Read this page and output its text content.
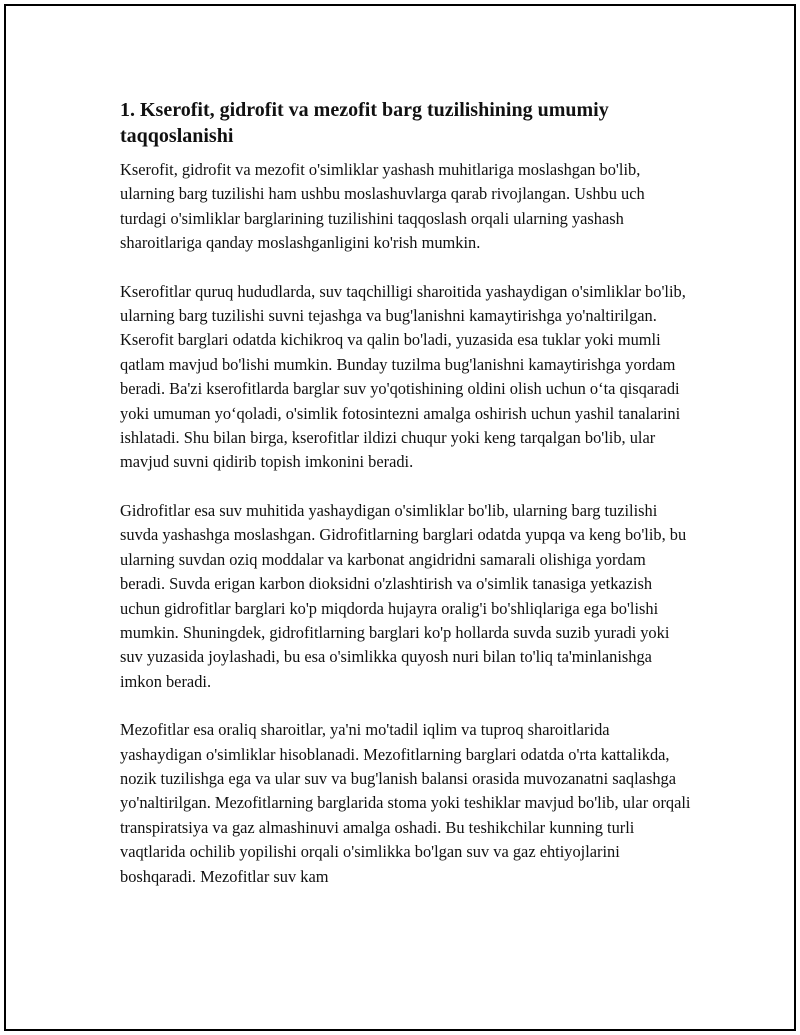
1. Kserofit, gidrofit va mezofit barg tuzilishining umumiy taqqoslanishi

Kserofit, gidrofit va mezofit o'simliklar yashash muhitlariga moslashgan bo'lib, ularning barg tuzilishi ham ushbu moslashuvlarga qarab rivojlangan. Ushbu uch turdagi o'simliklar barglarining tuzilishini taqqoslash orqali ularning yashash sharoitlariga qanday moslashganligini ko'rish mumkin.

Kserofitlar quruq hududlarda, suv taqchilligi sharoitida yashaydigan o'simliklar bo'lib, ularning barg tuzilishi suvni tejashga va bug'lanishni kamaytirishga yo'naltirilgan. Kserofit barglari odatda kichikroq va qalin bo'ladi, yuzasida esa tuklar yoki mumli qatlam mavjud bo'lishi mumkin. Bunday tuzilma bug'lanishni kamaytirishga yordam beradi. Ba'zi kserofitlarda barglar suv yo'qotishining oldini olish uchun o‘ta qisqaradi yoki umuman yo‘qoladi, o'simlik fotosintezni amalga oshirish uchun yashil tanalarini ishlatadi. Shu bilan birga, kserofitlar ildizi chuqur yoki keng tarqalgan bo'lib, ular mavjud suvni qidirib topish imkonini beradi.

Gidrofitlar esa suv muhitida yashaydigan o'simliklar bo'lib, ularning barg tuzilishi suvda yashashga moslashgan. Gidrofitlarning barglari odatda yupqa va keng bo'lib, bu ularning suvdan oziq moddalar va karbonat angidridni samarali olishiga yordam beradi. Suvda erigan karbon dioksidni o'zlashtirish va o'simlik tanasiga yetkazish uchun gidrofitlar barglari ko'p miqdorda hujayra oralig'i bo'shliqlariga ega bo'lishi mumkin. Shuningdek, gidrofitlarning barglari ko'p hollarda suvda suzib yuradi yoki suv yuzasida joylashadi, bu esa o'simlikka quyosh nuri bilan to'liq ta'minlanishga imkon beradi.

Mezofitlar esa oraliq sharoitlar, ya'ni mo'tadil iqlim va tuproq sharoitlarida yashaydigan o'simliklar hisoblanadi. Mezofitlarning barglari odatda o'rta kattalikda, nozik tuzilishga ega va ular suv va bug'lanish balansi orasida muvozanatni saqlashga yo'naltirilgan. Mezofitlarning barglarida stoma yoki teshiklar mavjud bo'lib, ular orqali transpiratsiya va gaz almashinuvi amalga oshadi. Bu teshikchilar kunning turli vaqtlarida ochilib yopilishi orqali o'simlikka bo'lgan suv va gaz ehtiyojlarini boshqaradi. Mezofitlar suv kam
